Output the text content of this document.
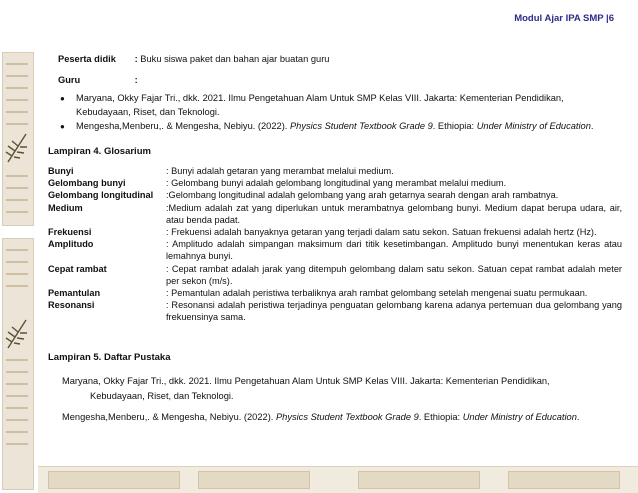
Modul Ajar IPA SMP |6
Peserta didik : Buku siswa paket dan bahan ajar buatan guru
Guru	:
● Maryana, Okky Fajar Tri., dkk. 2021. Ilmu Pengetahuan Alam Untuk SMP Kelas VIII. Jakarta: Kementerian Pendidikan, Kebudayaan, Riset, dan Teknologi.
● Mengesha,Menberu,. & Mengesha, Nebiyu. (2022). Physics Student Textbook Grade 9. Ethiopia: Under Ministry of Education.
Lampiran 4. Glosarium
Bunyi	: Bunyi adalah getaran yang merambat melalui medium.
Gelombang bunyi	: Gelombang bunyi adalah gelombang longitudinal yang merambat melalui medium.
Gelombang longitudinal	:Gelombang longitudinal adalah gelombang yang arah getarnya searah dengan arah rambatnya.
Medium	:Medium adalah zat yang diperlukan untuk merambatnya gelombang bunyi. Medium dapat berupa udara, air, atau benda padat.
Frekuensi	: Frekuensi adalah banyaknya getaran yang terjadi dalam satu sekon. Satuan frekuensi adalah hertz (Hz).
Amplitudo	: Amplitudo adalah simpangan maksimum dari titik kesetimbangan. Amplitudo bunyi menentukan keras atau lemahnya bunyi.
Cepat rambat	: Cepat rambat adalah jarak yang ditempuh gelombang dalam satu sekon. Satuan cepat rambat adalah meter per sekon (m/s).
Pemantulan	: Pemantulan adalah peristiwa terbaliknya arah rambat gelombang setelah mengenai suatu permukaan.
Resonansi	: Resonansi adalah peristiwa terjadinya penguatan gelombang karena adanya pertemuan dua gelombang yang frekuensinya sama.
Lampiran 5. Daftar Pustaka
Maryana, Okky Fajar Tri., dkk. 2021. Ilmu Pengetahuan Alam Untuk SMP Kelas VIII. Jakarta: Kementerian Pendidikan,
Kebudayaan, Riset, dan Teknologi.
Mengesha,Menberu,. & Mengesha, Nebiyu. (2022). Physics Student Textbook Grade 9. Ethiopia: Under Ministry of Education.
